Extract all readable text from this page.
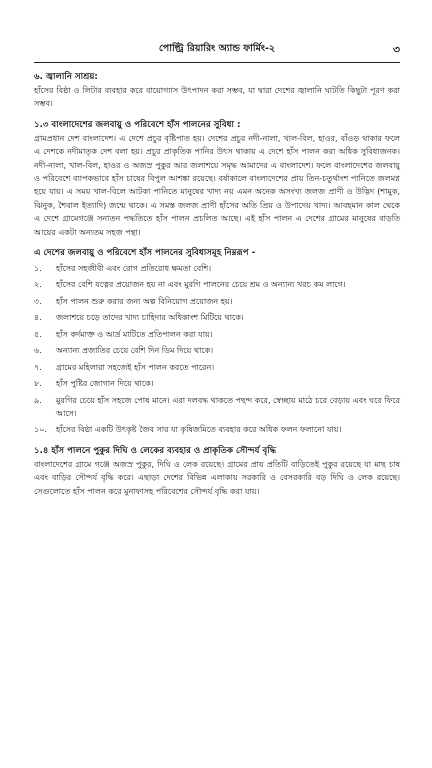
পোল্ট্রি রিয়ারিং অ্যান্ড ফার্মিং-২	৩
৬. জ্বালানি সাশ্রয়:

হাঁসের বিষ্ঠা ও লিটার ব্যবহার করে বায়োগ্যাস উৎপাদন করা সম্ভব, যা দ্বারা দেশের জ্বালানি ঘাটতি কিছুটা পূরণ করা সম্ভব।

১.৩ বাংলাদেশের জলবায়ু ও পরিবেশে হাঁস পালনের সুবিধা :

গ্রামপ্রধান দেশ বাংলাদেশ। এ দেশে প্রচুর বৃষ্টিপাত হয়। দেশের প্রচুর নদী-নালা, খাল-বিল, হাওর, বাঁওড় থাকার ফলে এ দেশকে নদীমাতৃক দেশ বলা হয়। প্রচুর প্রাকৃতিক পানির উৎস থাকায় এ দেশে হাঁস পালন করা অধিক সুবিধাজনক। নদী-নালা, খাল-বিল, হাওর ও অজস্র পুকুর আর জলাশয়ে সমৃদ্ধ আমাদের এ বাংলাদেশ। ফলে বাংলাদেশের জলবায়ু ও পরিবেশে ব্যাপকভাবে হাঁস চাষের বিপুল আশঙ্কা রয়েছে। বর্ষাকালে বাংলাদেশের প্রায় তিন-চতুর্থাংশ পানিতে জলমগ্ন হয়ে যায়। এ সময় খাল-বিলে আটকা পানিতে মানুষের খাদ্য নয় এমন অনেক অসংখ্য জলজ প্রাণী ও উদ্ভিদ (শামুক, ঝিনুক, শৈবাল ইত্যাদি) জন্মে থাকে। এ সমস্ত জলজ প্রাণী হাঁসের অতি প্রিয় ও উপাদেয় খাদ্য। আবহমান কাল থেকে এ দেশে গ্রামেগঞ্জে সনাতন পদ্ধতিতে হাঁস পালন প্রচলিত আছে। এই হাঁস পালন এ দেশের গ্রামের মানুষের বাড়তি আয়ের একটা অন্যতম সহজ পন্থা।

এ দেশের জলবায়ু ও পরিবেশে হাঁস পালনের সুবিধাসমূহ নিম্নরূপ -
১.	হাঁসের সহজীবী এবং রোগ প্রতিরোধ ক্ষমতা বেশি।
২.	হাঁসের বেশি যত্নের প্রয়োজন হয় না এবং মুরগি পালনের চেয়ে শ্রম ও অন্যান্য খরচ কম লাগে।
৩.	হাঁস পালন শুরু করার জন্য অল্প বিনিয়োগ প্রয়োজন হয়।
৪.	জলাশয়ে চড়ে তাদের খাদ্য চাহিদার অধিকাংশ মিটিয়ে থাকে।
৫.	হাঁস কর্দমাক্ত ও আর্দ্র মাটিতে প্রতিপালন করা যায়।
৬.	অন্যান্য প্রজাতির চেয়ে বেশি দিন ডিম দিয়ে থাকে।
৭.	গ্রামের মহিলারা সহজেই হাঁস পালন করতে পারেন।
৮.	হাঁস পুষ্টির জোগান দিয়ে থাকে।
৯.	মুরগির চেয়ে হাঁস সহজে পোষ মানে। এরা দলবদ্ধ থাকতে পছন্দ করে, স্বেচ্ছায় মাঠে চরে বেড়ায় এবং ঘরে ফিরে আসে।
১০.	হাঁসের বিষ্ঠা একটি উৎকৃষ্ট জৈব সার যা কৃষিজমিতে ব্যবহার করে অধিক ফলন ফলানো যায়।
১.৪ হাঁস পালনে পুকুর দিঘি ও লেকের ব্যবহার ও প্রাকৃতিক সৌন্দর্য বৃদ্ধি

বাংলাদেশের গ্রামে গঞ্জে অজস্র পুকুর, দিঘি ও লেক রয়েছে। গ্রামের প্রায় প্রতিটি বাড়িতেই পুকুর রয়েছে যা মাছ চাষ এবং বাড়ির সৌন্দর্য বৃদ্ধি করে। এছাড়া দেশের বিভিন্ন এলাকায় সরকারি ও বেসরকারি বড় দিঘি ও লেক রয়েছে। সেগুলোতে হাঁস পালন করে মুনাফাসহ পরিবেশের সৌন্দর্য বৃদ্ধি করা যায়।
